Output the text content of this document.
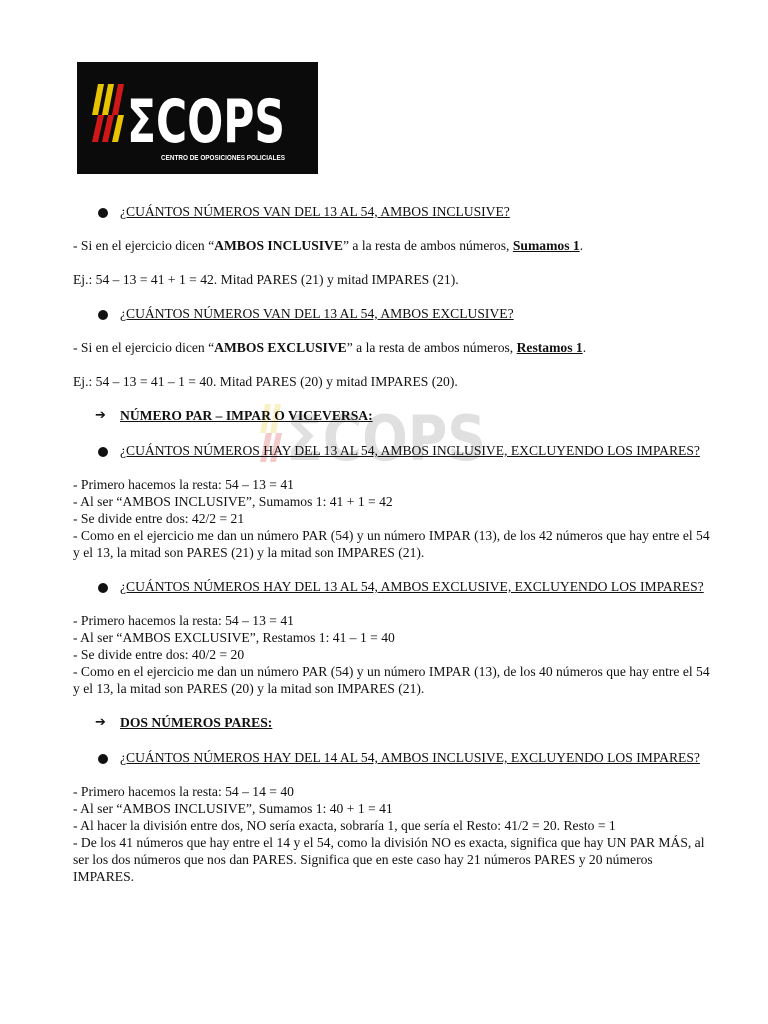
ΣCOPS
CENTRO DE OPOSICIONES POLICIALES
ΣCOPS

¿CUÁNTOS NÚMEROS VAN DEL 13 AL 54, AMBOS INCLUSIVE?

- Si en el ejercicio dicen “AMBOS INCLUSIVE” a la resta de ambos números, Sumamos 1.

Ej.: 54 – 13 = 41 + 1 = 42. Mitad PARES (21) y mitad IMPARES (21).

¿CUÁNTOS NÚMEROS VAN DEL 13 AL 54, AMBOS EXCLUSIVE?

- Si en el ejercicio dicen “AMBOS EXCLUSIVE” a la resta de ambos números, Restamos 1.

Ej.: 54 – 13 = 41 – 1 = 40. Mitad PARES (20) y mitad IMPARES (20).

➔ NÚMERO PAR – IMPAR O VICEVERSA:

¿CUÁNTOS NÚMEROS HAY DEL 13 AL 54, AMBOS INCLUSIVE, EXCLUYENDO LOS IMPARES?

- Primero hacemos la resta: 54 – 13 = 41

- Al ser “AMBOS INCLUSIVE”, Sumamos 1: 41 + 1 = 42

- Se divide entre dos: 42/2 = 21

- Como en el ejercicio me dan un número PAR (54) y un número IMPAR (13), de los 42 números que hay entre el 54 y el 13, la mitad son PARES (21) y la mitad son IMPARES (21).

¿CUÁNTOS NÚMEROS HAY DEL 13 AL 54, AMBOS EXCLUSIVE, EXCLUYENDO LOS IMPARES?

- Primero hacemos la resta: 54 – 13 = 41

- Al ser “AMBOS EXCLUSIVE”, Restamos 1: 41 – 1 = 40

- Se divide entre dos: 40/2 = 20

- Como en el ejercicio me dan un número PAR (54) y un número IMPAR (13), de los 40 números que hay entre el 54 y el 13, la mitad son PARES (20) y la mitad son IMPARES (21).

➔ DOS NÚMEROS PARES:

¿CUÁNTOS NÚMEROS HAY DEL 14 AL 54, AMBOS INCLUSIVE, EXCLUYENDO LOS IMPARES?

- Primero hacemos la resta: 54 – 14 = 40

- Al ser “AMBOS INCLUSIVE”, Sumamos 1: 40 + 1 = 41

- Al hacer la división entre dos, NO sería exacta, sobraría 1, que sería el Resto: 41/2 = 20. Resto = 1

- De los 41 números que hay entre el 14 y el 54, como la división NO es exacta, significa que hay UN PAR MÁS, al ser los dos números que nos dan PARES. Significa que en este caso hay 21 números PARES y 20 números IMPARES.
